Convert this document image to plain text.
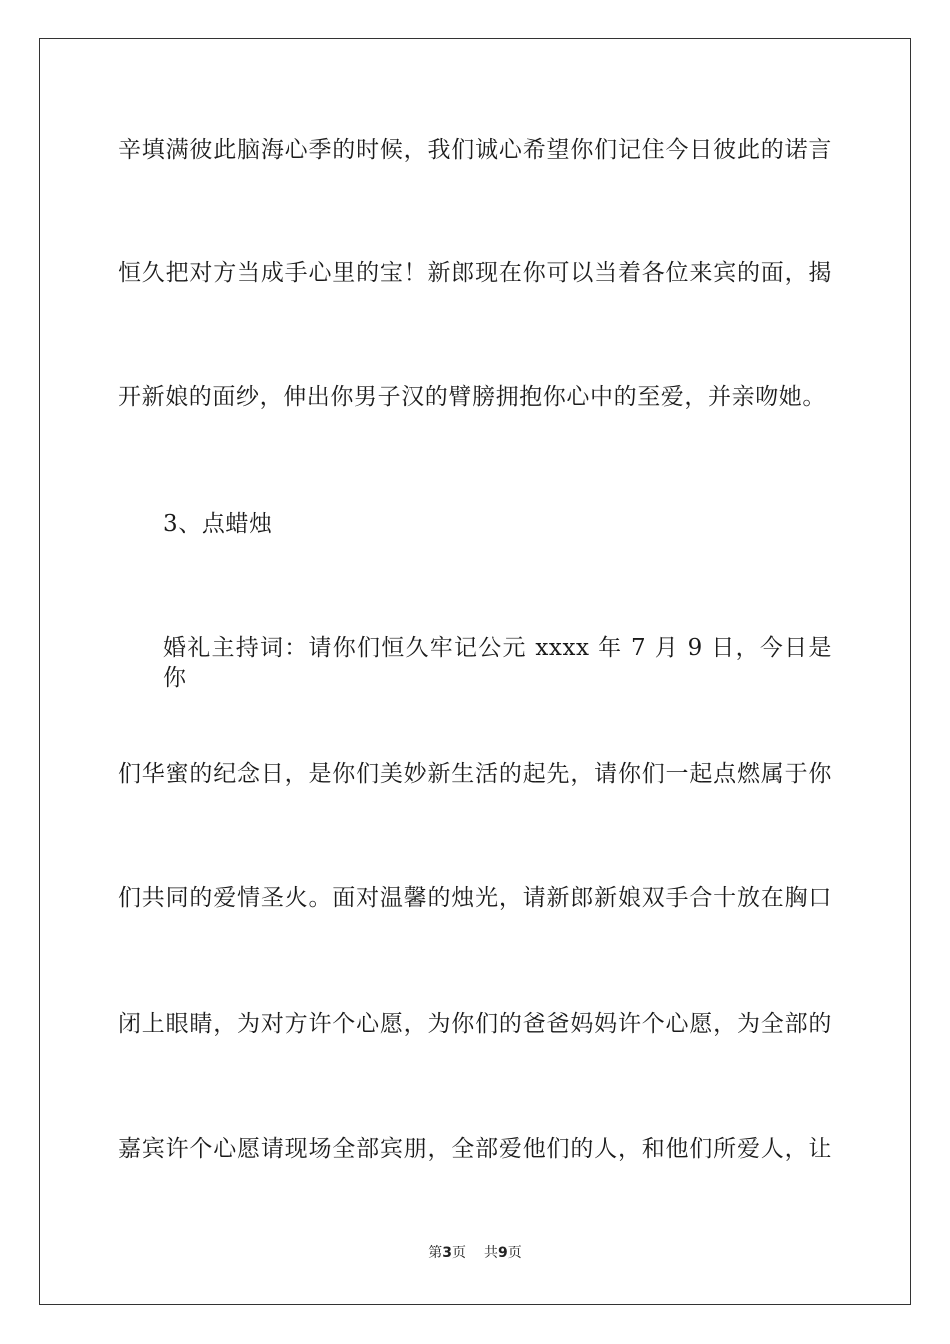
辛填满彼此脑海心季的时候，我们诚心希望你们记住今日彼此的诺言
恒久把对方当成手心里的宝！新郎现在你可以当着各位来宾的面，揭
开新娘的面纱，伸出你男子汉的臂膀拥抱你心中的至爱，并亲吻她。
3、点蜡烛
婚礼主持词：请你们恒久牢记公元 xxxx 年 7 月 9 日，今日是你
们华蜜的纪念日，是你们美妙新生活的起先，请你们一起点燃属于你
们共同的爱情圣火。面对温馨的烛光，请新郎新娘双手合十放在胸口
闭上眼睛，为对方许个心愿，为你们的爸爸妈妈许个心愿，为全部的
嘉宾许个心愿请现场全部宾朋，全部爱他们的人，和他们所爱人，让
第3页 共9页
